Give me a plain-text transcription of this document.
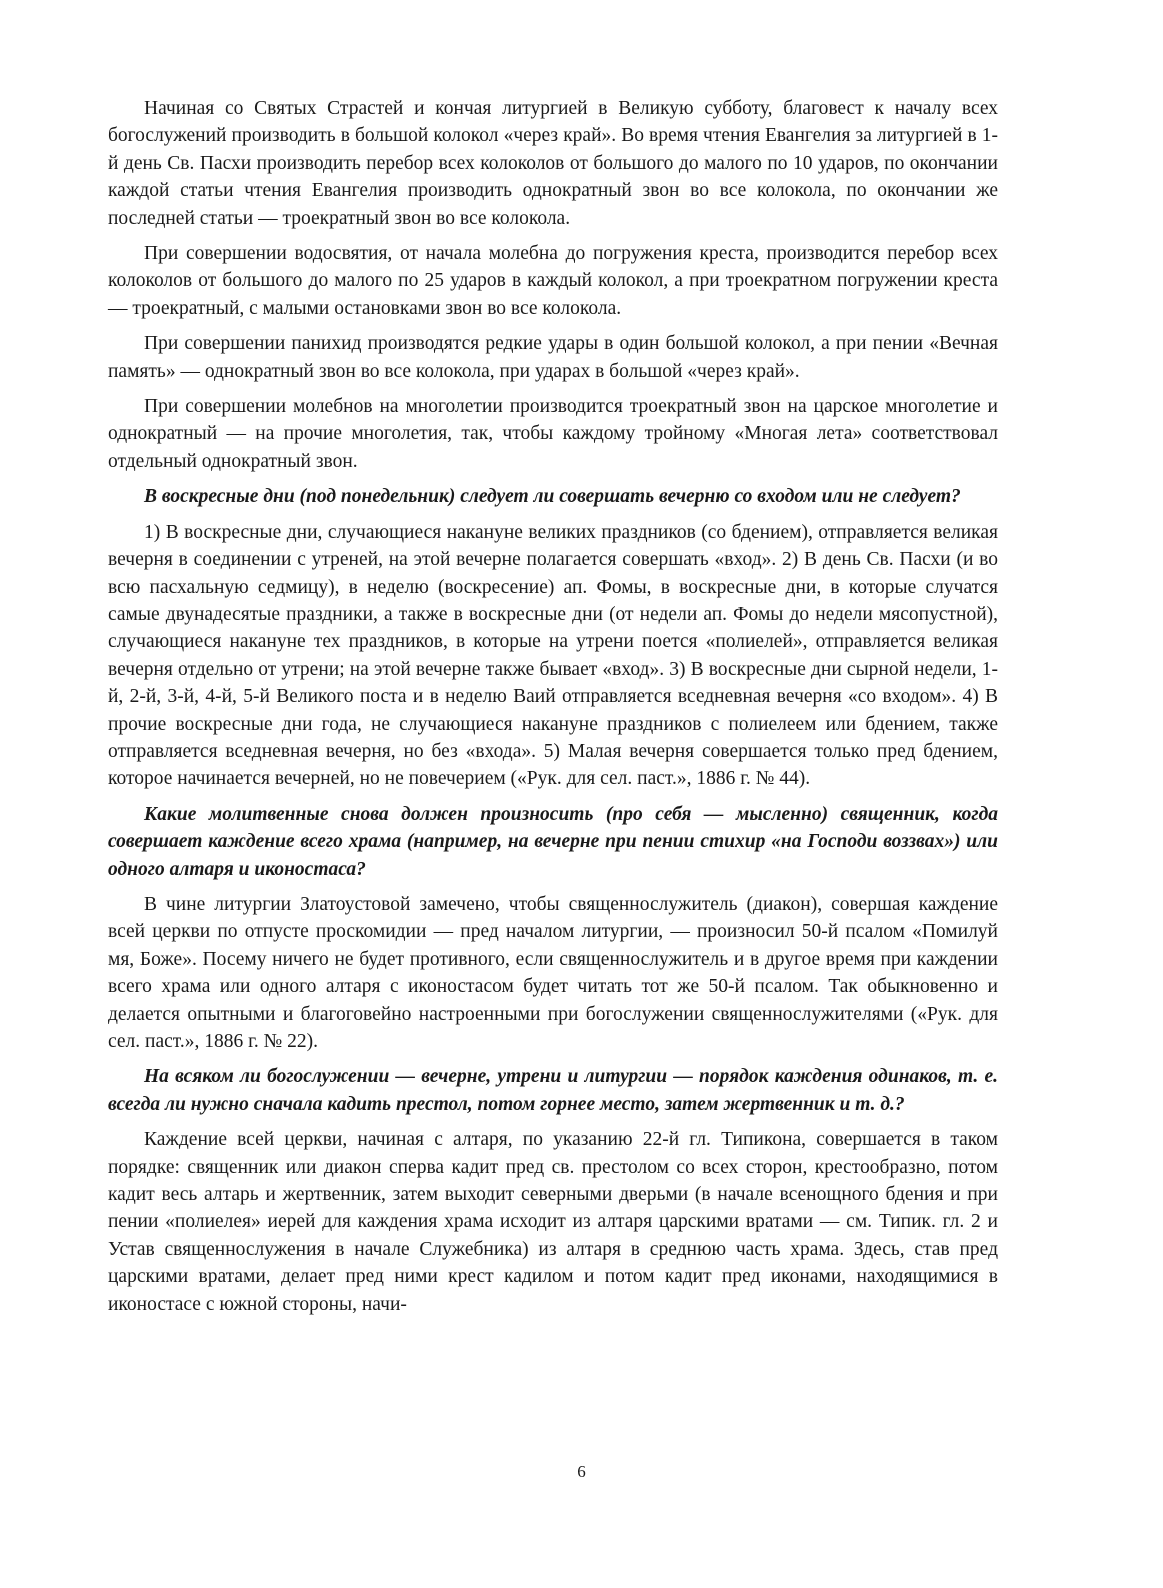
Начиная со Святых Страстей и кончая литургией в Великую субботу, благовест к началу всех богослужений производить в большой колокол «через край». Во время чтения Евангелия за литургией в 1-й день Св. Пасхи производить перебор всех колоколов от большого до малого по 10 ударов, по окончании каждой статьи чтения Евангелия производить однократный звон во все колокола, по окончании же последней статьи — троекратный звон во все колокола.

При совершении водосвятия, от начала молебна до погружения креста, производится перебор всех колоколов от большого до малого по 25 ударов в каждый колокол, а при троекратном погружении креста — троекратный, с малыми остановками звон во все колокола.

При совершении панихид производятся редкие удары в один большой колокол, а при пении «Вечная память» — однократный звон во все колокола, при ударах в большой «через край».

При совершении молебнов на многолетии производится троекратный звон на царское многолетие и однократный — на прочие многолетия, так, чтобы каждому тройному «Многая лета» соответствовал отдельный однократный звон.

В воскресные дни (под понедельник) следует ли совершать вечерню со входом или не следует?

1) В воскресные дни, случающиеся накануне великих праздников (со бдением), отправляется великая вечерня в соединении с утреней, на этой вечерне полагается совершать «вход». 2) В день Св. Пасхи (и во всю пасхальную седмицу), в неделю (воскресение) ап. Фомы, в воскресные дни, в которые случатся самые двунадесятые праздники, а также в воскресные дни (от недели ап. Фомы до недели мясопустной), случающиеся накануне тех праздников, в которые на утрени поется «полиелей», отправляется великая вечерня отдельно от утрени; на этой вечерне также бывает «вход». 3) В воскресные дни сырной недели, 1-й, 2-й, 3-й, 4-й, 5-й Великого поста и в неделю Ваий отправляется вседневная вечерня «со входом». 4) В прочие воскресные дни года, не случающиеся накануне праздников с полиелеем или бдением, также отправляется вседневная вечерня, но без «входа». 5) Малая вечерня совершается только пред бдением, которое начинается вечерней, но не повечерием («Рук. для сел. паст.», 1886 г. № 44).

Какие молитвенные снова должен произносить (про себя — мысленно) священник, когда совершает каждение всего храма (например, на вечерне при пении стихир «на Господи воззвах») или одного алтаря и иконостаса?

В чине литургии Златоустовой замечено, чтобы священнослужитель (диакон), совершая каждение всей церкви по отпусте проскомидии — пред началом литургии, — произносил 50-й псалом «Помилуй мя, Боже». Посему ничего не будет противного, если священнослужитель и в другое время при каждении всего храма или одного алтаря с иконостасом будет читать тот же 50-й псалом. Так обыкновенно и делается опытными и благоговейно настроенными при богослужении священнослужителями («Рук. для сел. паст.», 1886 г. № 22).

На всяком ли богослужении — вечерне, утрени и литургии — порядок каждения одинаков, т. е. всегда ли нужно сначала кадить престол, потом горнее место, затем жертвенник и т. д.?

Каждение всей церкви, начиная с алтаря, по указанию 22-й гл. Типикона, совершается в таком порядке: священник или диакон сперва кадит пред св. престолом со всех сторон, крестообразно, потом кадит весь алтарь и жертвенник, затем выходит северными дверьми (в начале всенощного бдения и при пении «полиелея» иерей для каждения храма исходит из алтаря царскими вратами — см. Типик. гл. 2 и Устав священнослужения в начале Служебника) из алтаря в среднюю часть храма. Здесь, став пред царскими вратами, делает пред ними крест кадилом и потом кадит пред иконами, находящимися в иконостасе с южной стороны, начи-

6
